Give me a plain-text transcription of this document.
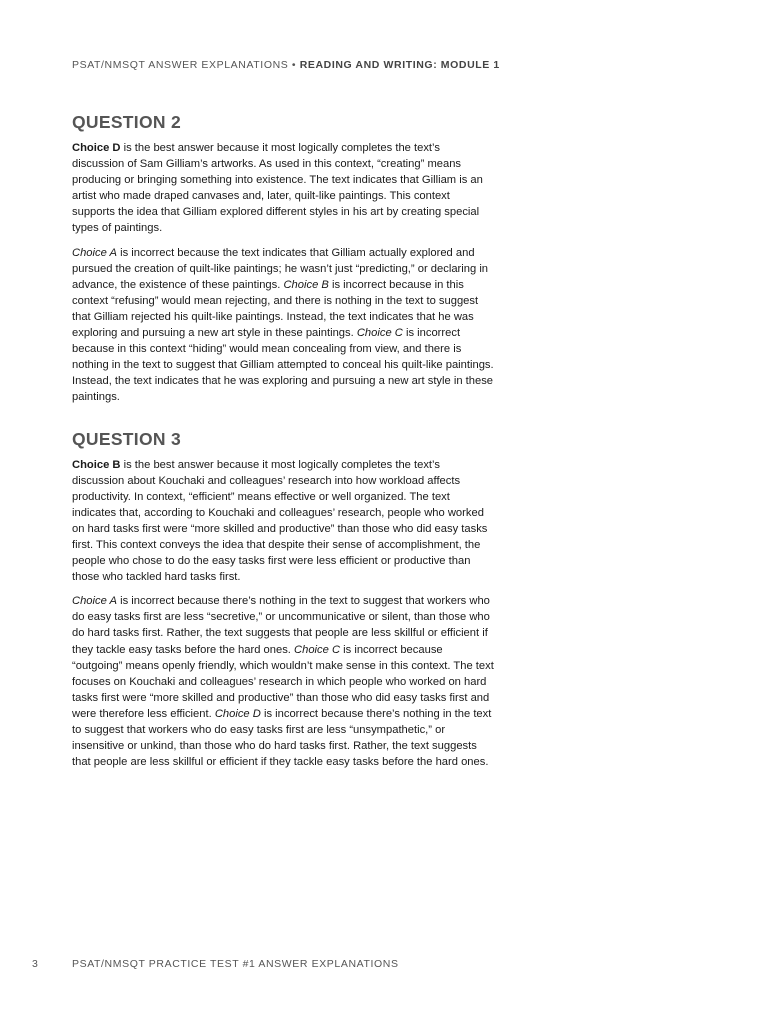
PSAT/NMSQT ANSWER EXPLANATIONS • READING AND WRITING: MODULE 1
QUESTION 2

Choice D is the best answer because it most logically completes the text’s discussion of Sam Gilliam’s artworks. As used in this context, “creating” means producing or bringing something into existence. The text indicates that Gilliam is an artist who made draped canvases and, later, quilt-like paintings. This context supports the idea that Gilliam explored different styles in his art by creating special types of paintings.

Choice A is incorrect because the text indicates that Gilliam actually explored and pursued the creation of quilt-like paintings; he wasn’t just “predicting,” or declaring in advance, the existence of these paintings. Choice B is incorrect because in this context “refusing” would mean rejecting, and there is nothing in the text to suggest that Gilliam rejected his quilt-like paintings. Instead, the text indicates that he was exploring and pursuing a new art style in these paintings. Choice C is incorrect because in this context “hiding” would mean concealing from view, and there is nothing in the text to suggest that Gilliam attempted to conceal his quilt-like paintings. Instead, the text indicates that he was exploring and pursuing a new art style in these paintings.

QUESTION 3

Choice B is the best answer because it most logically completes the text’s discussion about Kouchaki and colleagues’ research into how workload affects productivity. In context, “efficient” means effective or well organized. The text indicates that, according to Kouchaki and colleagues’ research, people who worked on hard tasks first were “more skilled and productive” than those who did easy tasks first. This context conveys the idea that despite their sense of accomplishment, the people who chose to do the easy tasks first were less efficient or productive than those who tackled hard tasks first.

Choice A is incorrect because there’s nothing in the text to suggest that workers who do easy tasks first are less “secretive,” or uncommunicative or silent, than those who do hard tasks first. Rather, the text suggests that people are less skillful or efficient if they tackle easy tasks before the hard ones. Choice C is incorrect because “outgoing” means openly friendly, which wouldn’t make sense in this context. The text focuses on Kouchaki and colleagues’ research in which people who worked on hard tasks first were “more skilled and productive” than those who did easy tasks first and were therefore less efficient. Choice D is incorrect because there’s nothing in the text to suggest that workers who do easy tasks first are less “unsympathetic,” or insensitive or unkind, than those who do hard tasks first. Rather, the text suggests that people are less skillful or efficient if they tackle easy tasks before the hard ones.

3	PSAT/NMSQT PRACTICE TEST #1 ANSWER EXPLANATIONS
